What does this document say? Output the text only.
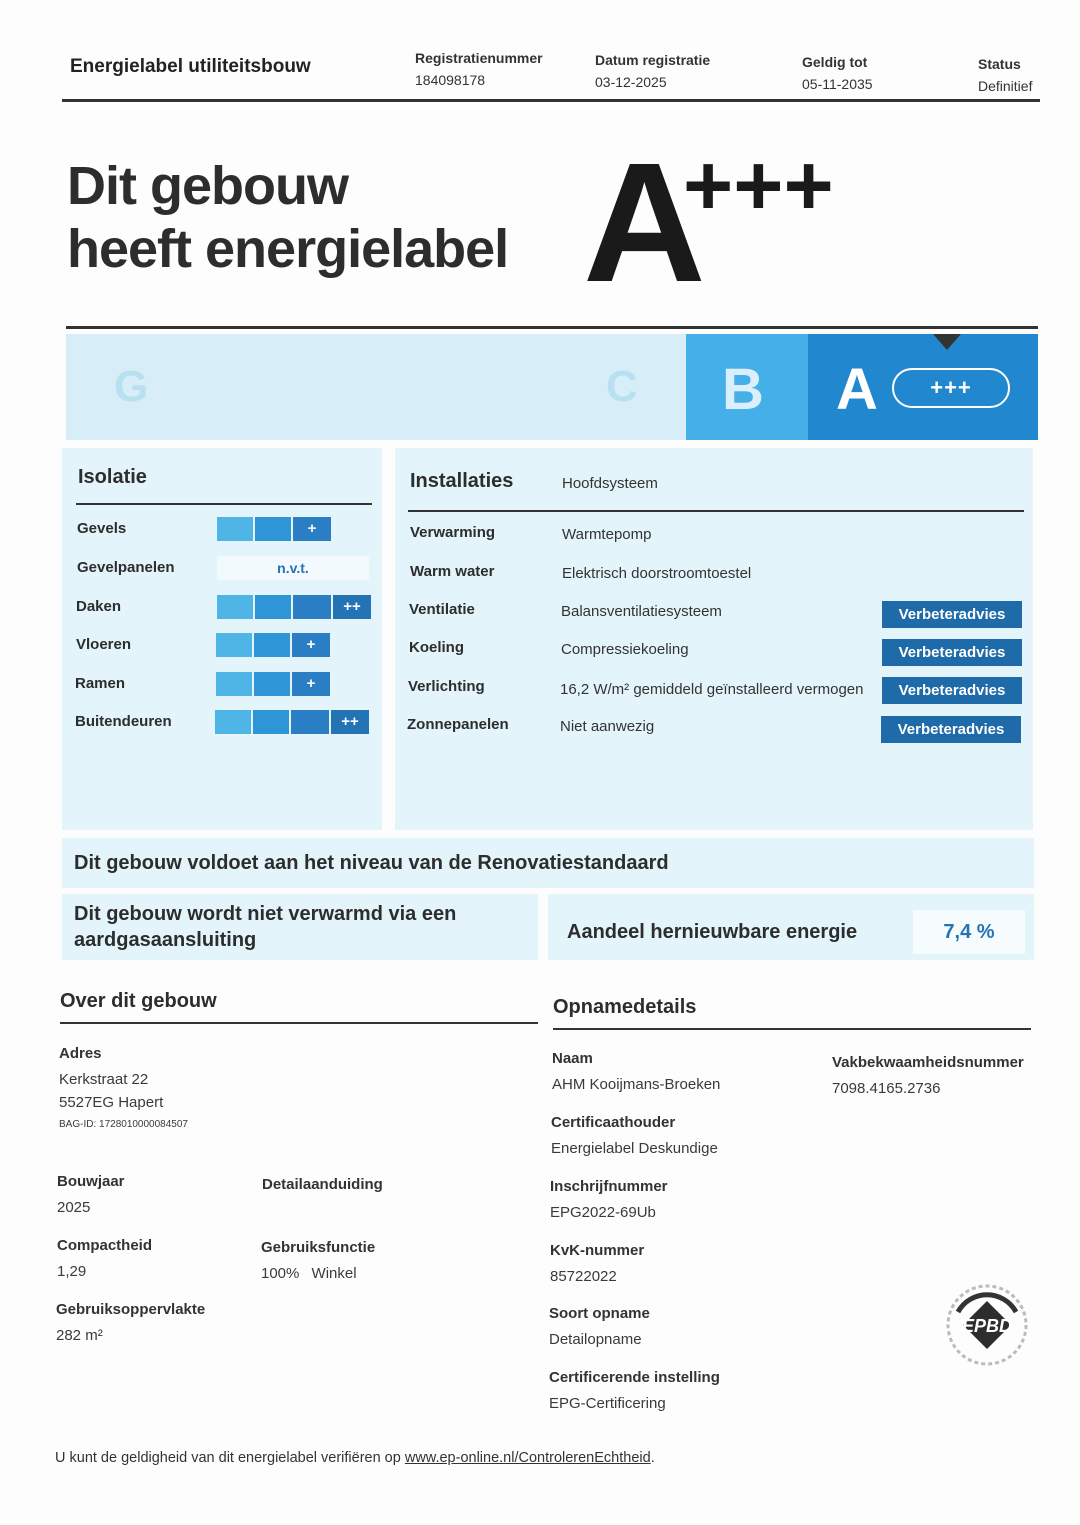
Energielabel utiliteitsbouw	Registratienummer
184098178
Datum registratie
03-12-2025
Geldig tot
05-11-2035
Status
Definitief
Dit gebouw
heeft energielabel A
+++
G	C B A	+++
Isolatie
Gevels	+
Gevelpanelen	n.v.t.
Daken	++
Vloeren	+
Ramen	+
Buitendeuren	++
Installaties	Hoofdsysteem
Verwarming	Warmtepomp
Warm water	Elektrisch doorstroomtoestel
Ventilatie	Balansventilatiesysteem	Verbeteradvies
Koeling	Compressiekoeling	Verbeteradvies
Verlichting	16,2 W/m² gemiddeld geïnstalleerd vermogen	Verbeteradvies
Zonnepanelen	Niet aanwezig	Verbeteradvies
Dit gebouw voldoet aan het niveau van de Renovatiestandaard
Dit gebouw wordt niet verwarmd via een
aardgasaansluiting	Aandeel hernieuwbare energie	7,4 %
Over dit gebouw
Adres
Kerkstraat 22
5527EG Hapert
BAG-ID: 1728010000084507
Bouwjaar
2025
Detailaanduiding
Compactheid
1,29
Gebruiksfunctie
100% Winkel
Gebruiksoppervlakte
282 m²
Opnamedetails
Naam
AHM Kooijmans-Broeken
Vakbekwaamheidsnummer
7098.4165.2736
Certificaathouder
Energielabel Deskundige
Inschrijfnummer
EPG2022-69Ub
KvK-nummer
85722022
Soort opname
Detailopname
Certificerende instelling
EPG-Certificering
EPBD
U kunt de geldigheid van dit energielabel verifiëren op www.ep-online.nl/ControlerenEchtheid.
